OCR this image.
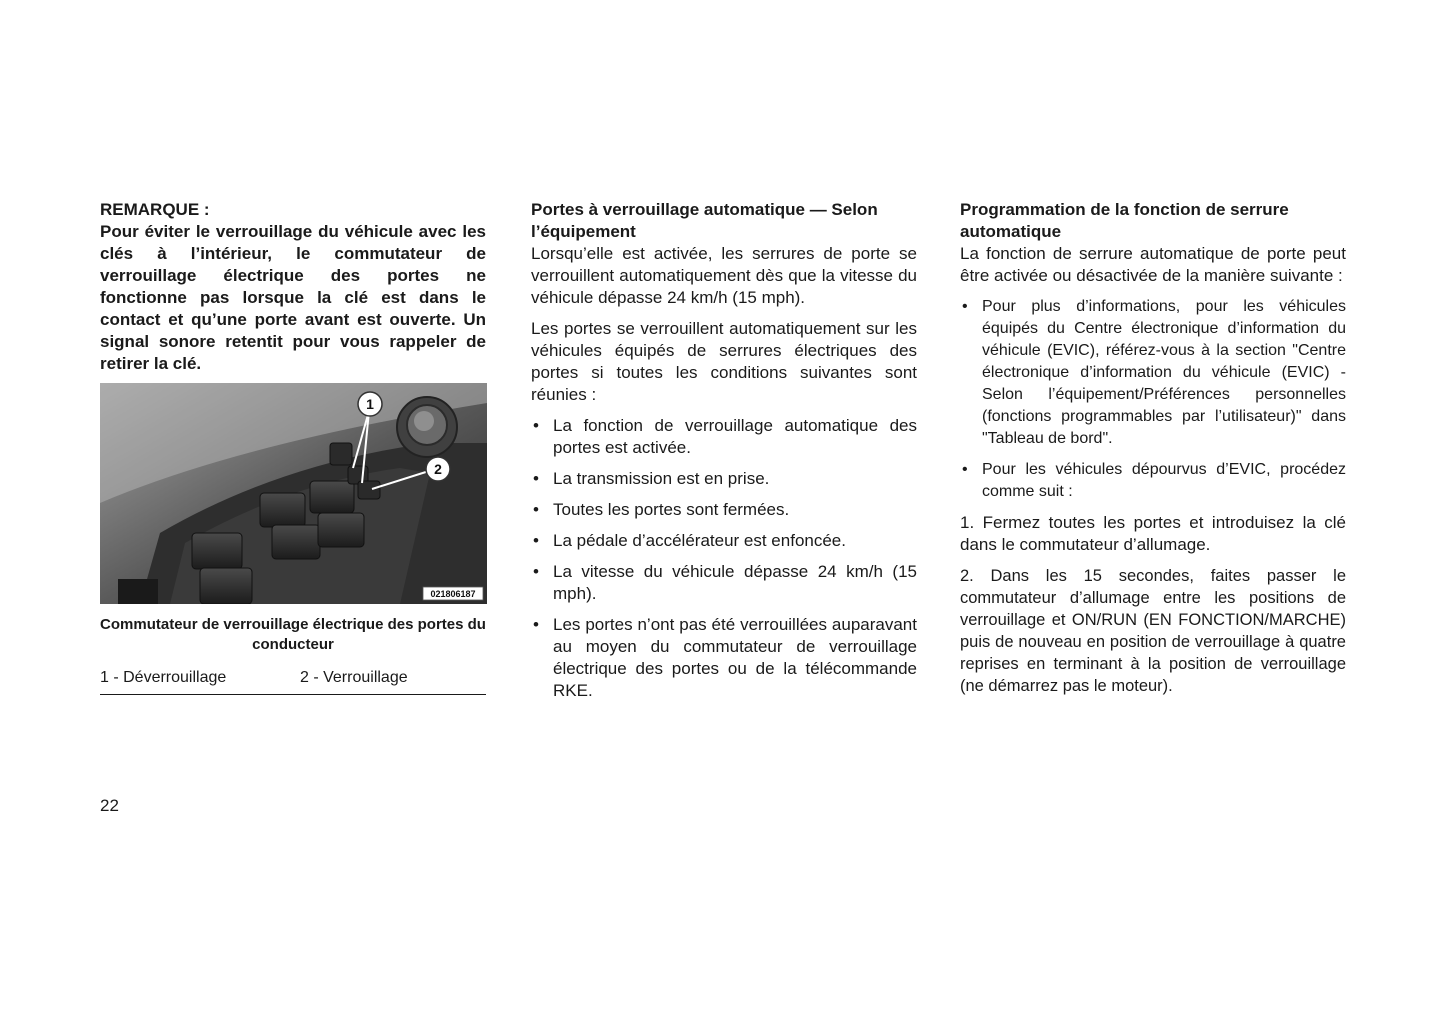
REMARQUE :

Pour éviter le verrouillage du véhicule avec les clés à l’intérieur, le commutateur de verrouillage électrique des portes ne fonctionne pas lorsque la clé est dans le contact et qu’une porte avant est ouverte. Un signal sonore retentit pour vous rappeler de retirer la clé.

1
2
021806187
Commutateur de verrouillage électrique des portes du conducteur
1 - Déverrouillage	2 - Verrouillage

Portes à verrouillage automatique — Selon l’équipement

Lorsqu’elle est activée, les serrures de porte se verrouillent automatiquement dès que la vitesse du véhicule dépasse 24 km/h (15 mph).

Les portes se verrouillent automatiquement sur les véhicules équipés de serrures électriques des portes si toutes les conditions suivantes sont réunies :

• La fonction de verrouillage automatique des portes est activée.
• La transmission est en prise.
• Toutes les portes sont fermées.
• La pédale d’accélérateur est enfoncée.
• La vitesse du véhicule dépasse 24 km/h (15 mph).
• Les portes n’ont pas été verrouillées auparavant au moyen du commutateur de verrouillage électrique des portes ou de la télécommande RKE.

Programmation de la fonction de serrure automatique

La fonction de serrure automatique de porte peut être activée ou désactivée de la manière suivante :

• Pour plus d’informations, pour les véhicules équipés du Centre électronique d’information du véhicule (EVIC), référez-vous à la section "Centre électronique d’information du véhicule (EVIC) - Selon l’équipement/Préférences personnelles (fonctions programmables par l’utilisateur)" dans "Tableau de bord".
• Pour les véhicules dépourvus d’EVIC, procédez comme suit :

1. Fermez toutes les portes et introduisez la clé dans le commutateur d’allumage.

2. Dans les 15 secondes, faites passer le commutateur d’allumage entre les positions de verrouillage et ON/RUN (EN FONCTION/MARCHE) puis de nouveau en position de verrouillage à quatre reprises en terminant à la position de verrouillage (ne démarrez pas le moteur).

22
